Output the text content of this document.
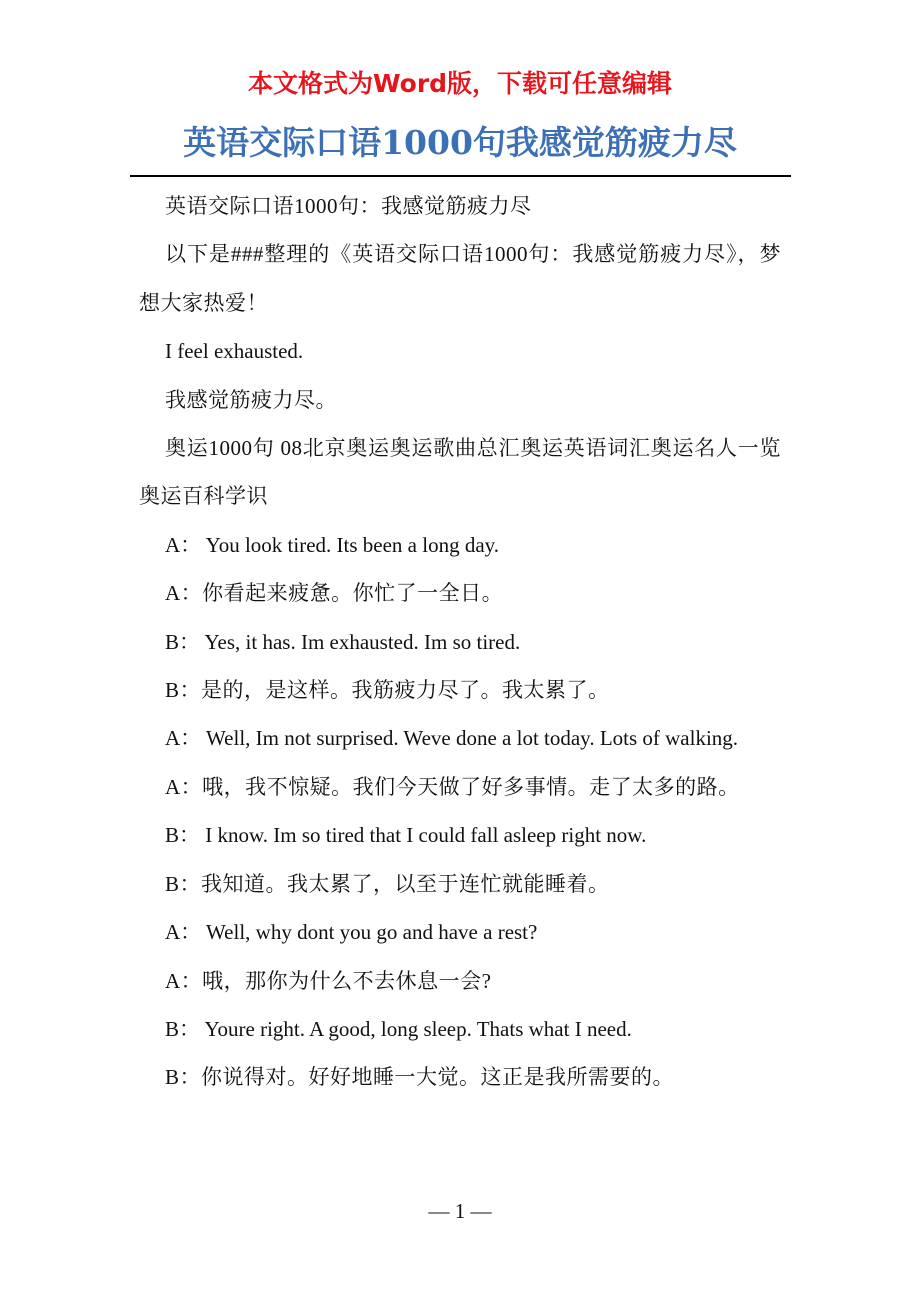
本文格式为Word版，下载可任意编辑
英语交际口语1000句我感觉筋疲力尽

英语交际口语1000句：我感觉筋疲力尽

以下是###整理的《英语交际口语1000句：我感觉筋疲力尽》，梦想大家热爱！

I feel exhausted.

我感觉筋疲力尽。

奥运1000句 08北京奥运奥运歌曲总汇奥运英语词汇奥运名人一览奥运百科学识

A： You look tired. Its been a long day.

A：你看起来疲惫。你忙了一全日。

B： Yes, it has. Im exhausted. Im so tired.

B：是的，是这样。我筋疲力尽了。我太累了。

A： Well, Im not surprised. Weve done a lot today. Lots of walking.

A：哦，我不惊疑。我们今天做了好多事情。走了太多的路。

B： I know. Im so tired that I could fall asleep right now.

B：我知道。我太累了，以至于连忙就能睡着。

A： Well, why dont you go and have a rest?

A：哦，那你为什么不去休息一会?

B： Youre right. A good, long sleep. Thats what I need.

B：你说得对。好好地睡一大觉。这正是我所需要的。

— 1 —
